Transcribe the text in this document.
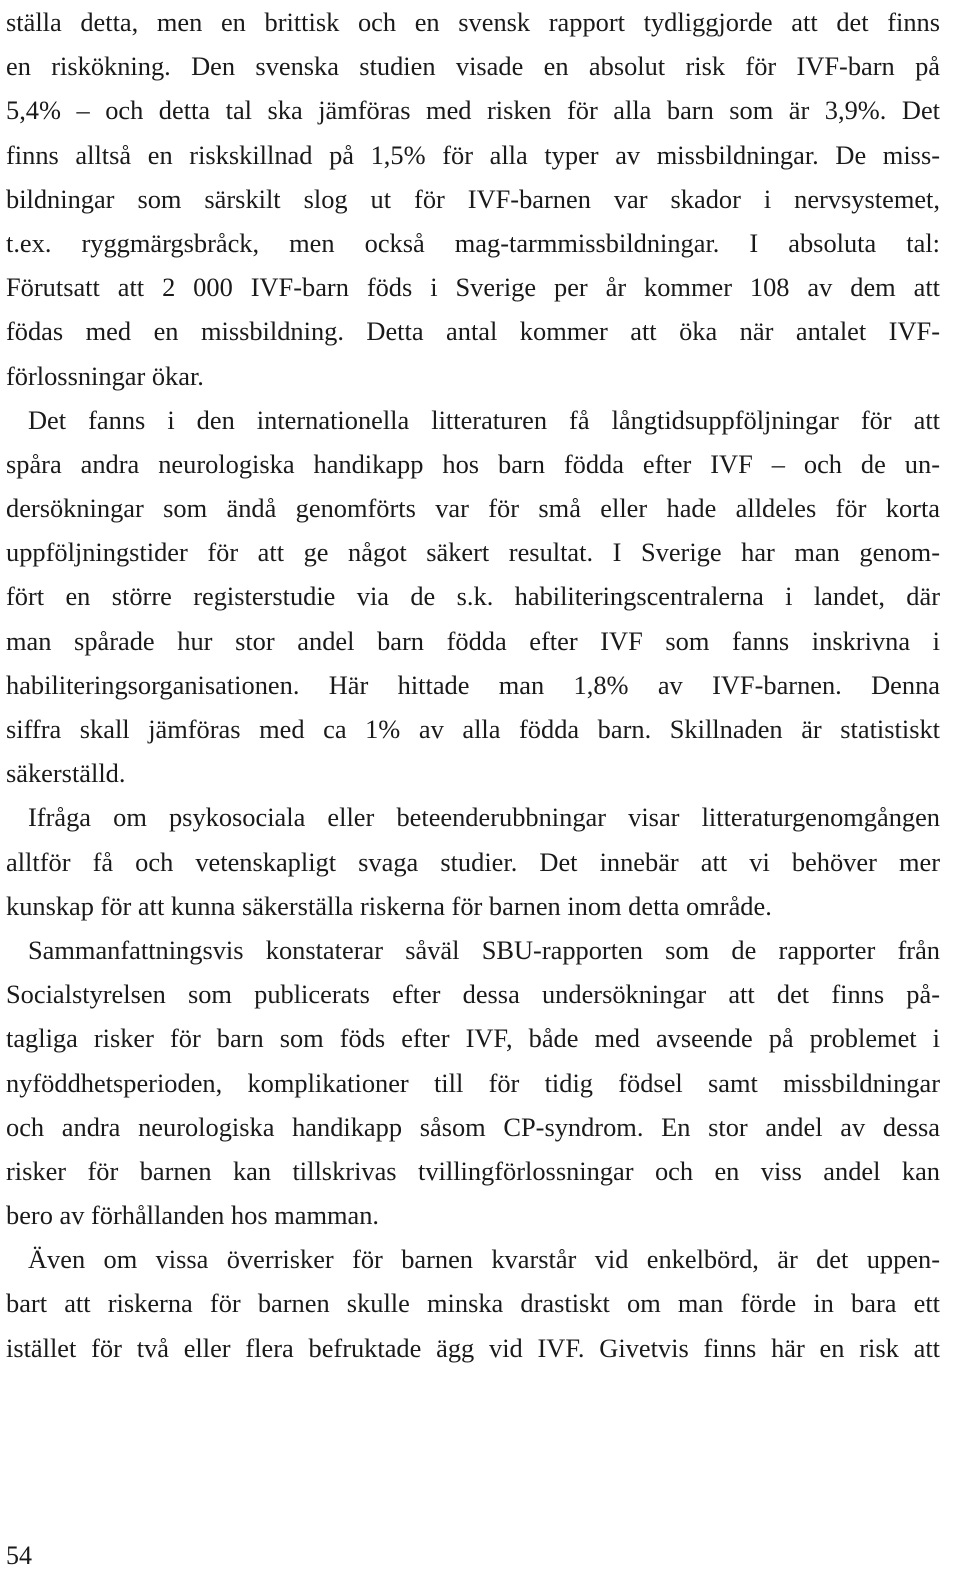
ställa detta, men en brittisk och en svensk rapport tydliggjorde att det finns
en riskökning. Den svenska studien visade en absolut risk för IVF-barn på
5,4% – och detta tal ska jämföras med risken för alla barn som är 3,9%. Det
finns alltså en riskskillnad på 1,5% för alla typer av missbildningar. De miss-
bildningar som särskilt slog ut för IVF-barnen var skador i nervsystemet,
t.ex. ryggmärgsbråck, men också mag-tarmmissbildningar. I absoluta tal:
Förutsatt att 2 000 IVF-barn föds i Sverige per år kommer 108 av dem att
födas med en missbildning. Detta antal kommer att öka när antalet IVF-
förlossningar ökar.
Det fanns i den internationella litteraturen få långtidsuppföljningar för att
spåra andra neurologiska handikapp hos barn födda efter IVF – och de un-
dersökningar som ändå genomförts var för små eller hade alldeles för korta
uppföljningstider för att ge något säkert resultat. I Sverige har man genom-
fört en större registerstudie via de s.k. habiliteringscentralerna i landet, där
man spårade hur stor andel barn födda efter IVF som fanns inskrivna i
habiliteringsorganisationen. Här hittade man 1,8% av IVF-barnen. Denna
siffra skall jämföras med ca 1% av alla födda barn. Skillnaden är statistiskt
säkerställd.
Ifråga om psykosociala eller beteenderubbningar visar litteraturgenomgången
alltför få och vetenskapligt svaga studier. Det innebär att vi behöver mer
kunskap för att kunna säkerställa riskerna för barnen inom detta område.
Sammanfattningsvis konstaterar såväl SBU-rapporten som de rapporter från
Socialstyrelsen som publicerats efter dessa undersökningar att det finns på-
tagliga risker för barn som föds efter IVF, både med avseende på problemet i
nyföddhetsperioden, komplikationer till för tidig födsel samt missbildningar
och andra neurologiska handikapp såsom CP-syndrom. En stor andel av dessa
risker för barnen kan tillskrivas tvillingförlossningar och en viss andel kan
bero av förhållanden hos mamman.
Även om vissa överrisker för barnen kvarstår vid enkelbörd, är det uppen-
bart att riskerna för barnen skulle minska drastiskt om man förde in bara ett
istället för två eller flera befruktade ägg vid IVF. Givetvis finns här en risk att
54
